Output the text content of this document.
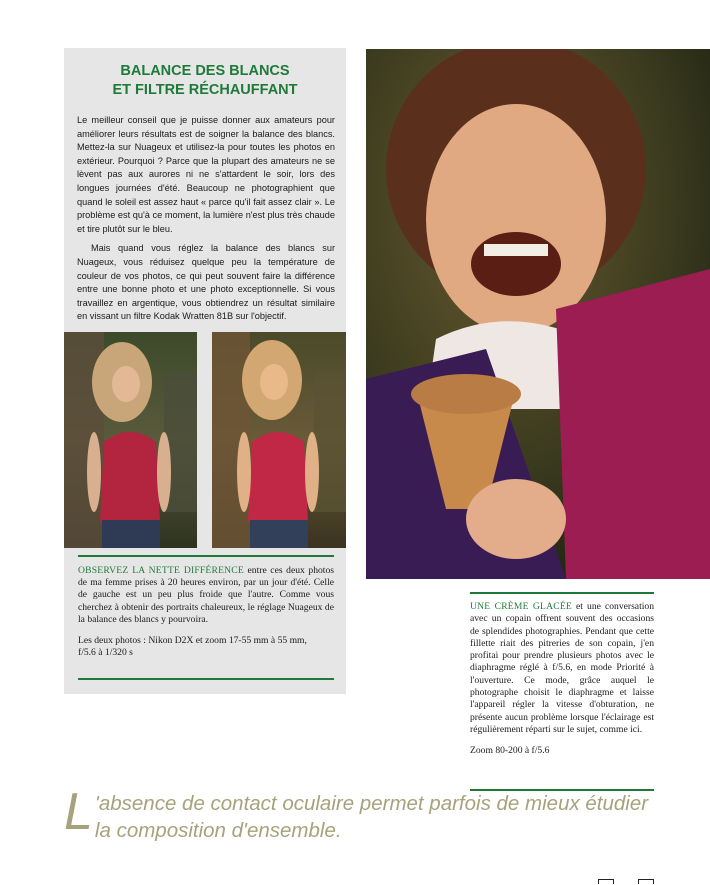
BALANCE DES BLANCS
ET FILTRE RÉCHAUFFANT

Le meilleur conseil que je puisse donner aux amateurs pour améliorer leurs résultats est de soigner la balance des blancs. Mettez-la sur Nuageux et utilisez-la pour toutes les photos en extérieur. Pourquoi ? Parce que la plupart des amateurs ne se lèvent pas aux aurores ni ne s'attardent le soir, lors des longues journées d'été. Beaucoup ne photographient que quand le soleil est assez haut « parce qu'il fait assez clair ». Le problème est qu'à ce moment, la lumière n'est plus très chaude et tire plutôt sur le bleu.

Mais quand vous réglez la balance des blancs sur Nuageux, vous réduisez quelque peu la température de couleur de vos photos, ce qui peut souvent faire la différence entre une bonne photo et une photo exceptionnelle. Si vous travaillez en argentique, vous obtiendrez un résultat similaire en vissant un filtre Kodak Wratten 81B sur l'objectif.

OBSERVEZ LA NETTE DIFFÉRENCE entre ces deux photos de ma femme prises à 20 heures environ, par un jour d'été. Celle de gauche est un peu plus froide que l'autre. Comme vous cherchez à obtenir des portraits chaleureux, le réglage Nuageux de la balance des blancs y pourvoira.

Les deux photos : Nikon D2X et zoom 17-55 mm à 55 mm,
f/5.6 à 1/320 s

UNE CRÈME GLACÉE et une conversation avec un copain offrent souvent des occasions de splendides photographies. Pendant que cette fillette riait des pitreries de son copain, j'en profitai pour prendre plusieurs photos avec le diaphragme réglé à f/5.6, en mode Priorité à l'ouverture. Ce mode, grâce auquel le photographe choisit le diaphragme et laisse l'appareil régler la vitesse d'obturation, ne présente aucun problème lorsque l'éclairage est régulièrement réparti sur le sujet, comme ici.

Zoom 80-200 à f/5.6

L 'absence de contact oculaire permet parfois de mieux étudier la composition d'ensemble.
